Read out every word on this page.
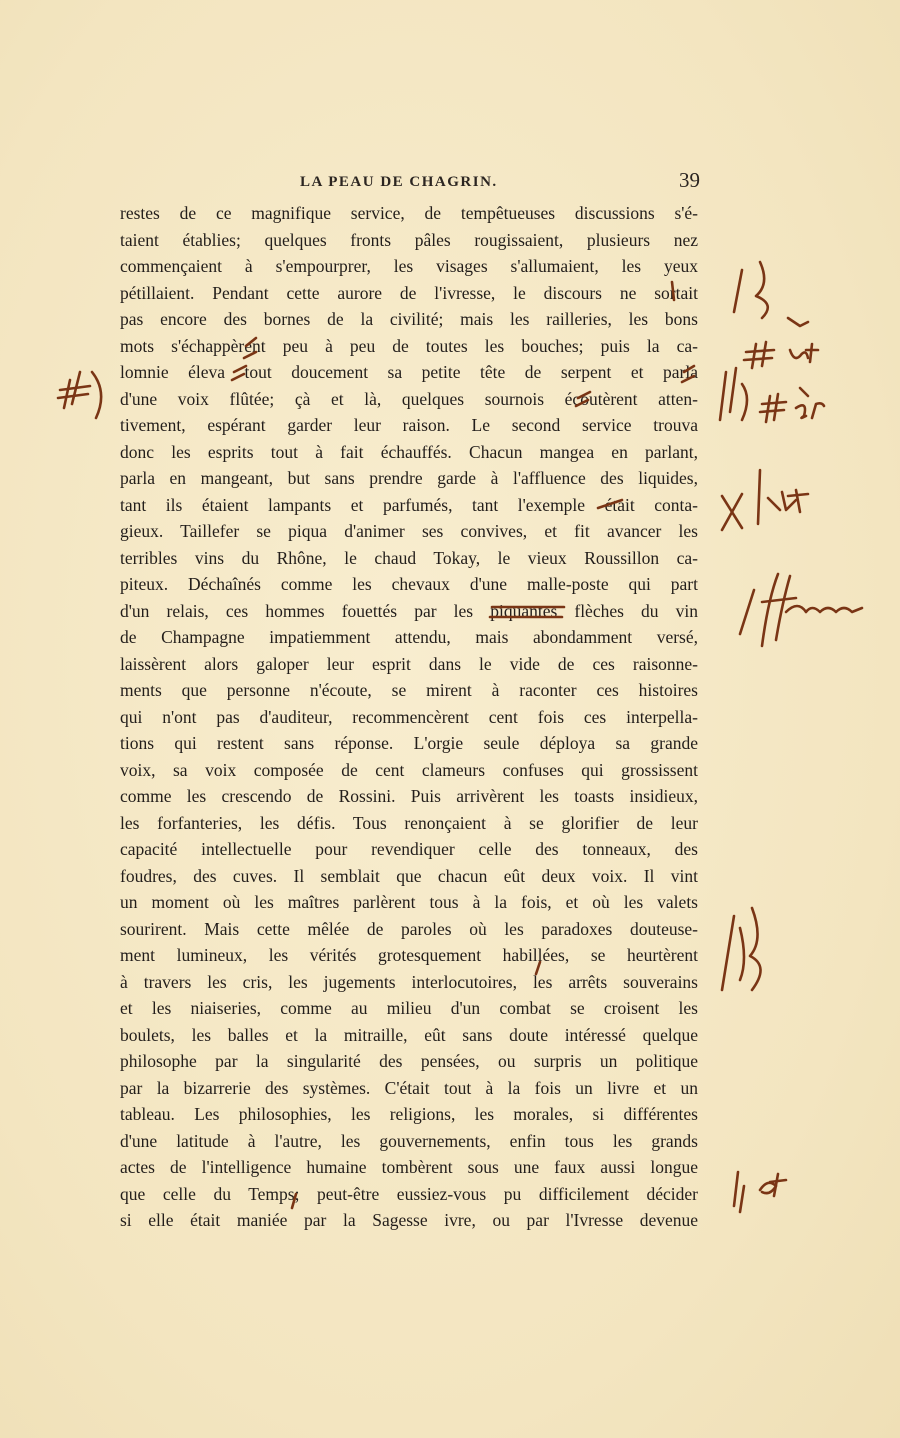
LA PEAU DE CHAGRIN.	39
restes de ce magnifique service, de tempêtueuses discussions s'é-
taient établies; quelques fronts pâles rougissaient, plusieurs nez
commençaient à s'empourprer, les visages s'allumaient, les yeux
pétillaient. Pendant cette aurore de l'ivresse, le discours ne sortait
pas encore des bornes de la civilité; mais les railleries, les bons
mots s'échappèrent peu à peu de toutes les bouches; puis la ca-
lomnie éleva tout doucement sa petite tête de serpent et parla
d'une voix flûtée; çà et là, quelques sournois écoutèrent atten-
tivement, espérant garder leur raison. Le second service trouva
donc les esprits tout à fait échauffés. Chacun mangea en parlant,
parla en mangeant, but sans prendre garde à l'affluence des liquides,
tant ils étaient lampants et parfumés, tant l'exemple était conta-
gieux. Taillefer se piqua d'animer ses convives, et fit avancer les
terribles vins du Rhône, le chaud Tokay, le vieux Roussillon ca-
piteux. Déchaînés comme les chevaux d'une malle-poste qui part
d'un relais, ces hommes fouettés par les piquantes flèches du vin
de Champagne impatiemment attendu, mais abondamment versé,
laissèrent alors galoper leur esprit dans le vide de ces raisonne-
ments que personne n'écoute, se mirent à raconter ces histoires
qui n'ont pas d'auditeur, recommencèrent cent fois ces interpella-
tions qui restent sans réponse. L'orgie seule déploya sa grande
voix, sa voix composée de cent clameurs confuses qui grossissent
comme les crescendo de Rossini. Puis arrivèrent les toasts insidieux,
les forfanteries, les défis. Tous renonçaient à se glorifier de leur
capacité intellectuelle pour revendiquer celle des tonneaux, des
foudres, des cuves. Il semblait que chacun eût deux voix. Il vint
un moment où les maîtres parlèrent tous à la fois, et où les valets
sourirent. Mais cette mêlée de paroles où les paradoxes douteuse-
ment lumineux, les vérités grotesquement habillées, se heurtèrent
à travers les cris, les jugements interlocutoires, les arrêts souverains
et les niaiseries, comme au milieu d'un combat se croisent les
boulets, les balles et la mitraille, eût sans doute intéressé quelque
philosophe par la singularité des pensées, ou surpris un politique
par la bizarrerie des systèmes. C'était tout à la fois un livre et un
tableau. Les philosophies, les religions, les morales, si différentes
d'une latitude à l'autre, les gouvernements, enfin tous les grands
actes de l'intelligence humaine tombèrent sous une faux aussi longue
que celle du Temps; peut-être eussiez-vous pu difficilement décider
si elle était maniée par la Sagesse ivre, ou par l'Ivresse devenue
